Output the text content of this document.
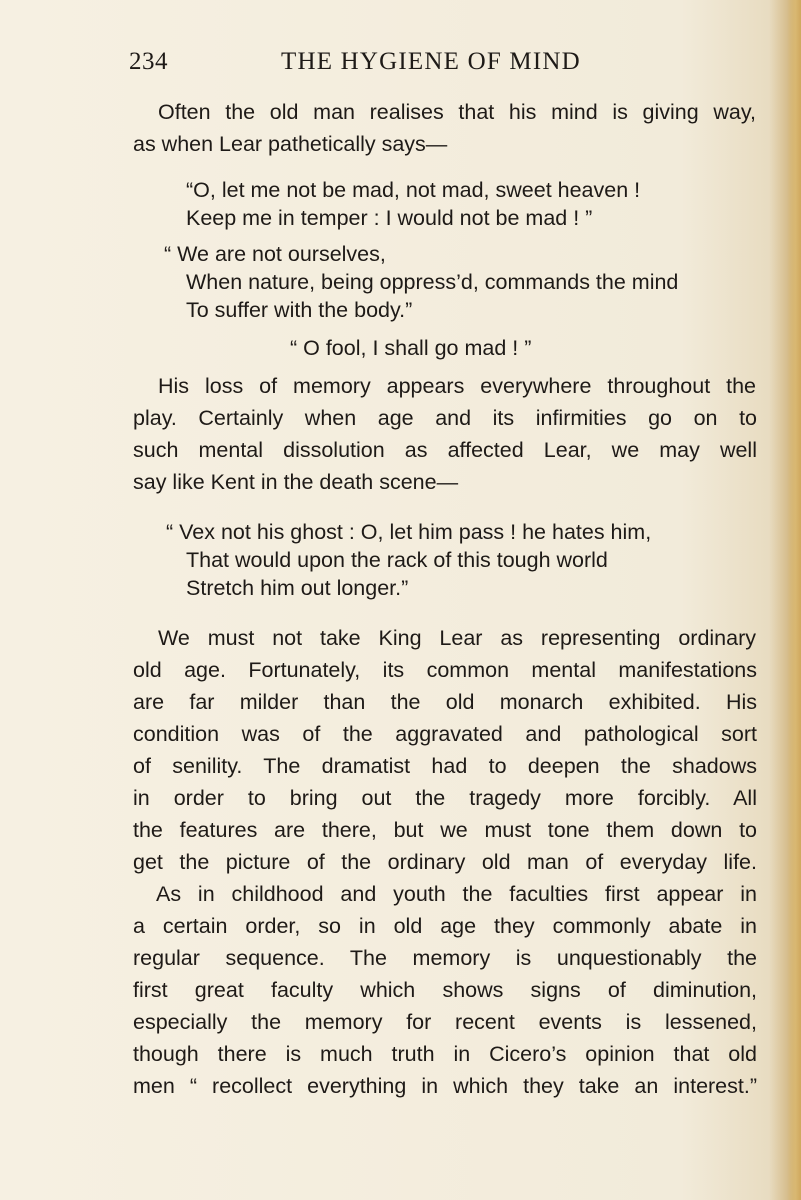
234	THE HYGIENE OF MIND
Often the old man realises that his mind is giving way,
as when Lear pathetically says—
“O, let me not be mad, not mad, sweet heaven !
Keep me in temper : I would not be mad ! ”
“ We are not ourselves,
When nature, being oppress’d, commands the mind
To suffer with the body.”
“ O fool, I shall go mad ! ”
His loss of memory appears everywhere throughout the
play. Certainly when age and its infirmities go on to
such mental dissolution as affected Lear, we may well
say like Kent in the death scene—
“ Vex not his ghost : O, let him pass ! he hates him,
That would upon the rack of this tough world
Stretch him out longer.”
We must not take King Lear as representing ordinary
old age. Fortunately, its common mental manifestations
are far milder than the old monarch exhibited. His
condition was of the aggravated and pathological sort
of senility. The dramatist had to deepen the shadows
in order to bring out the tragedy more forcibly. All
the features are there, but we must tone them down to
get the picture of the ordinary old man of everyday life.
As in childhood and youth the faculties first appear in
a certain order, so in old age they commonly abate in
regular sequence. The memory is unquestionably the
first great faculty which shows signs of diminution,
especially the memory for recent events is lessened,
though there is much truth in Cicero’s opinion that old
men “ recollect everything in which they take an interest.”
